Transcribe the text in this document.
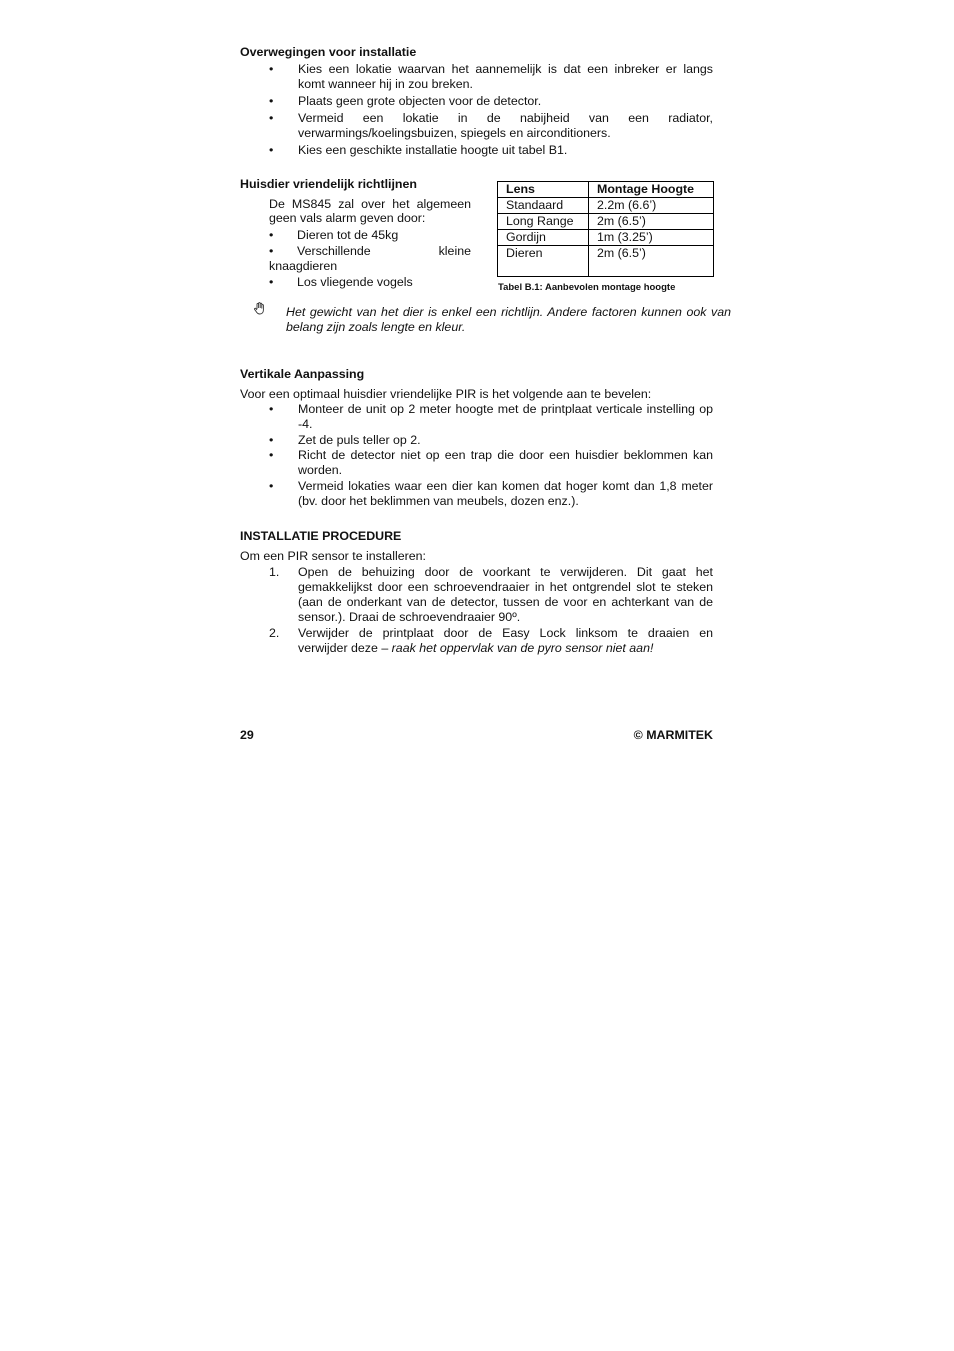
Overwegingen voor installatie
• Kies een lokatie waarvan het aannemelijk is dat een inbreker er langs
komt wanneer hij in zou breken.
• Plaats geen grote objecten voor de detector.
• Vermeid een lokatie in de nabijheid van een radiator,
verwarmings/koelingsbuizen, spiegels en airconditioners.
• Kies een geschikte installatie hoogte uit tabel B1.
Huisdier vriendelijk richtlijnen
De MS845 zal over het algemeen
geen vals alarm geven door:
• Dieren tot de 45kg
• Verschillende kleine
knaagdieren
• Los vliegende vogels
Lens	Montage Hoogte
Standaard	2.2m (6.6’)
Long Range	2m (6.5’)
Gordijn	1m (3.25’)
Dieren	2m (6.5’)
Tabel B.1: Aanbevolen montage hoogte
Het gewicht van het dier is enkel een richtlijn. Andere factoren kunnen ook van
belang zijn zoals lengte en kleur.
Vertikale Aanpassing
Voor een optimaal huisdier vriendelijke PIR is het volgende aan te bevelen:
• Monteer de unit op 2 meter hoogte met de printplaat verticale instelling op
-4.
• Zet de puls teller op 2.
• Richt de detector niet op een trap die door een huisdier beklommen kan
worden.
• Vermeid lokaties waar een dier kan komen dat hoger komt dan 1,8 meter
(bv. door het beklimmen van meubels, dozen enz.).
INSTALLATIE PROCEDURE
Om een PIR sensor te installeren:
1. Open de behuizing door de voorkant te verwijderen. Dit gaat het
gemakkelijkst door een schroevendraaier in het ontgrendel slot te steken
(aan de onderkant van de detector, tussen de voor en achterkant van de
sensor.). Draai de schroevendraaier 90º.
2. Verwijder de printplaat door de Easy Lock linksom te draaien en
verwijder deze – raak het oppervlak van de pyro sensor niet aan!
29	© MARMITEK
